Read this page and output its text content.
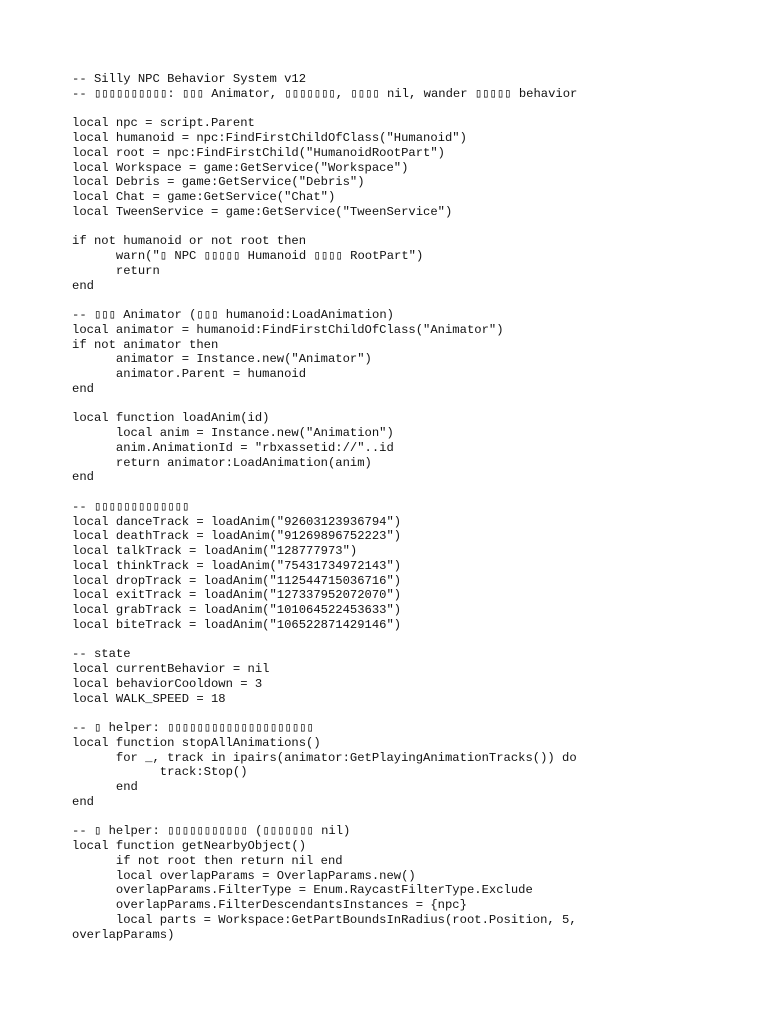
-- Silly NPC Behavior System v12
-- ▯▯▯▯▯▯▯▯▯▯: ▯▯▯ Animator, ▯▯▯▯▯▯▯, ▯▯▯▯ nil, wander ▯▯▯▯▯ behavior
local npc = script.Parent
local humanoid = npc:FindFirstChildOfClass("Humanoid")
local root = npc:FindFirstChild("HumanoidRootPart")
local Workspace = game:GetService("Workspace")
local Debris = game:GetService("Debris")
local Chat = game:GetService("Chat")
local TweenService = game:GetService("TweenService")
if not humanoid or not root then
warn("▯ NPC ▯▯▯▯▯ Humanoid ▯▯▯▯ RootPart")
return
end
-- ▯▯▯ Animator (▯▯▯ humanoid:LoadAnimation)
local animator = humanoid:FindFirstChildOfClass("Animator")
if not animator then
animator = Instance.new("Animator")
animator.Parent = humanoid
end
local function loadAnim(id)
local anim = Instance.new("Animation")
anim.AnimationId = "rbxassetid://"..id
return animator:LoadAnimation(anim)
end
-- ▯▯▯▯▯▯▯▯▯▯▯▯▯
local danceTrack = loadAnim("92603123936794")
local deathTrack = loadAnim("91269896752223")
local talkTrack = loadAnim("128777973")
local thinkTrack = loadAnim("75431734972143")
local dropTrack = loadAnim("112544715036716")
local exitTrack = loadAnim("127337952072070")
local grabTrack = loadAnim("101064522453633")
local biteTrack = loadAnim("106522871429146")
-- state
local currentBehavior = nil
local behaviorCooldown = 3
local WALK_SPEED = 18
-- ▯ helper: ▯▯▯▯▯▯▯▯▯▯▯▯▯▯▯▯▯▯▯▯
local function stopAllAnimations()
for _, track in ipairs(animator:GetPlayingAnimationTracks()) do
track:Stop()
end
end
-- ▯ helper: ▯▯▯▯▯▯▯▯▯▯▯ (▯▯▯▯▯▯▯ nil)
local function getNearbyObject()
if not root then return nil end
local overlapParams = OverlapParams.new()
overlapParams.FilterType = Enum.RaycastFilterType.Exclude
overlapParams.FilterDescendantsInstances = {npc}
local parts = Workspace:GetPartBoundsInRadius(root.Position, 5,
overlapParams)
